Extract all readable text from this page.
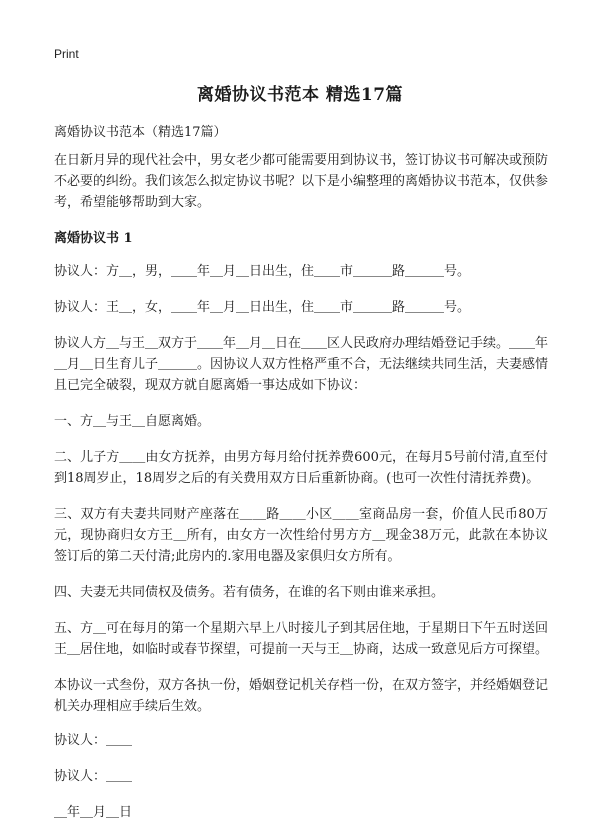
Print
离婚协议书范本 精选17篇
离婚协议书范本（精选17篇）

在日新月异的现代社会中，男女老少都可能需要用到协议书，签订协议书可解决或预防不必要的纠纷。我们该怎么拟定协议书呢？以下是小编整理的离婚协议书范本，仅供参考，希望能够帮助到大家。

离婚协议书 1

协议人：方＿，男，＿＿年＿月＿日出生，住＿＿市＿＿＿路＿＿＿号。

协议人：王＿，女，＿＿年＿月＿日出生，住＿＿市＿＿＿路＿＿＿号。

协议人方＿与王＿双方于＿＿年＿月＿日在＿＿区人民政府办理结婚登记手续。＿＿年＿月＿日生育儿子＿＿＿。因协议人双方性格严重不合，无法继续共同生活，夫妻感情且已完全破裂，现双方就自愿离婚一事达成如下协议：

一、方＿与王＿自愿离婚。

二、儿子方＿＿由女方抚养，由男方每月给付抚养费600元，在每月5号前付清,直至付到18周岁止，18周岁之后的有关费用双方日后重新协商。(也可一次性付清抚养费)。

三、双方有夫妻共同财产座落在＿＿路＿＿小区＿＿室商品房一套，价值人民币80万元，现协商归女方王＿所有，由女方一次性给付男方方＿现金38万元，此款在本协议签订后的第二天付清;此房内的.家用电器及家俱归女方所有。

四、夫妻无共同债权及债务。若有债务，在谁的名下则由谁来承担。

五、方＿可在每月的第一个星期六早上八时接儿子到其居住地，于星期日下午五时送回王＿居住地，如临时或春节探望，可提前一天与王＿协商，达成一致意见后方可探望。

本协议一式叁份，双方各执一份，婚姻登记机关存档一份，在双方签字，并经婚姻登记机关办理相应手续后生效。

协议人：＿＿

协议人：＿＿

＿年＿月＿日
